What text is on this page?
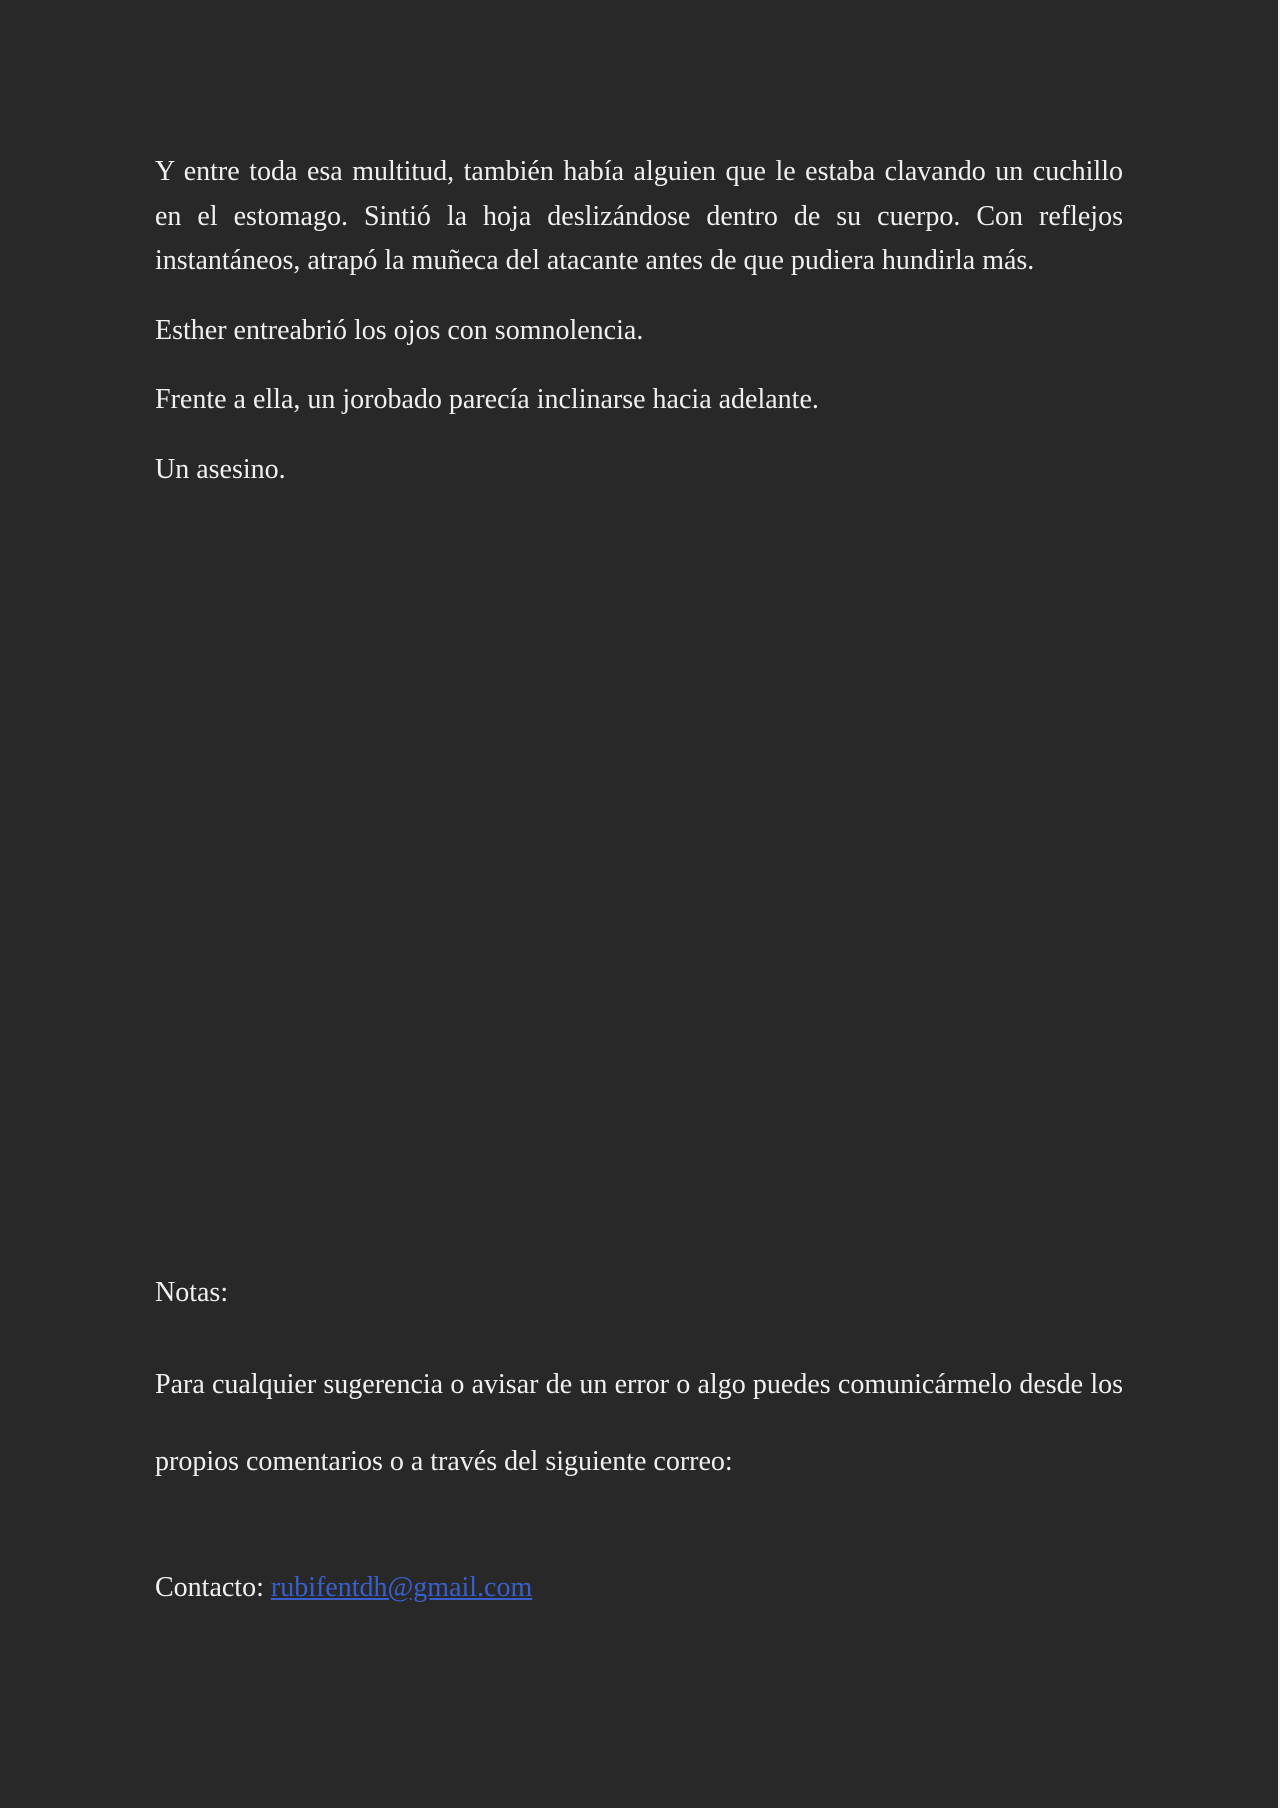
Y entre toda esa multitud, también había alguien que le estaba clavando un cuchillo en el estomago. Sintió la hoja deslizándose dentro de su cuerpo. Con reflejos instantáneos, atrapó la muñeca del atacante antes de que pudiera hundirla más.

Esther entreabrió los ojos con somnolencia.

Frente a ella, un jorobado parecía inclinarse hacia adelante.

Un asesino.

Notas:

Para cualquier sugerencia o avisar de un error o algo puedes comunicármelo desde los propios comentarios o a través del siguiente correo:

Contacto: rubifentdh@gmail.com
